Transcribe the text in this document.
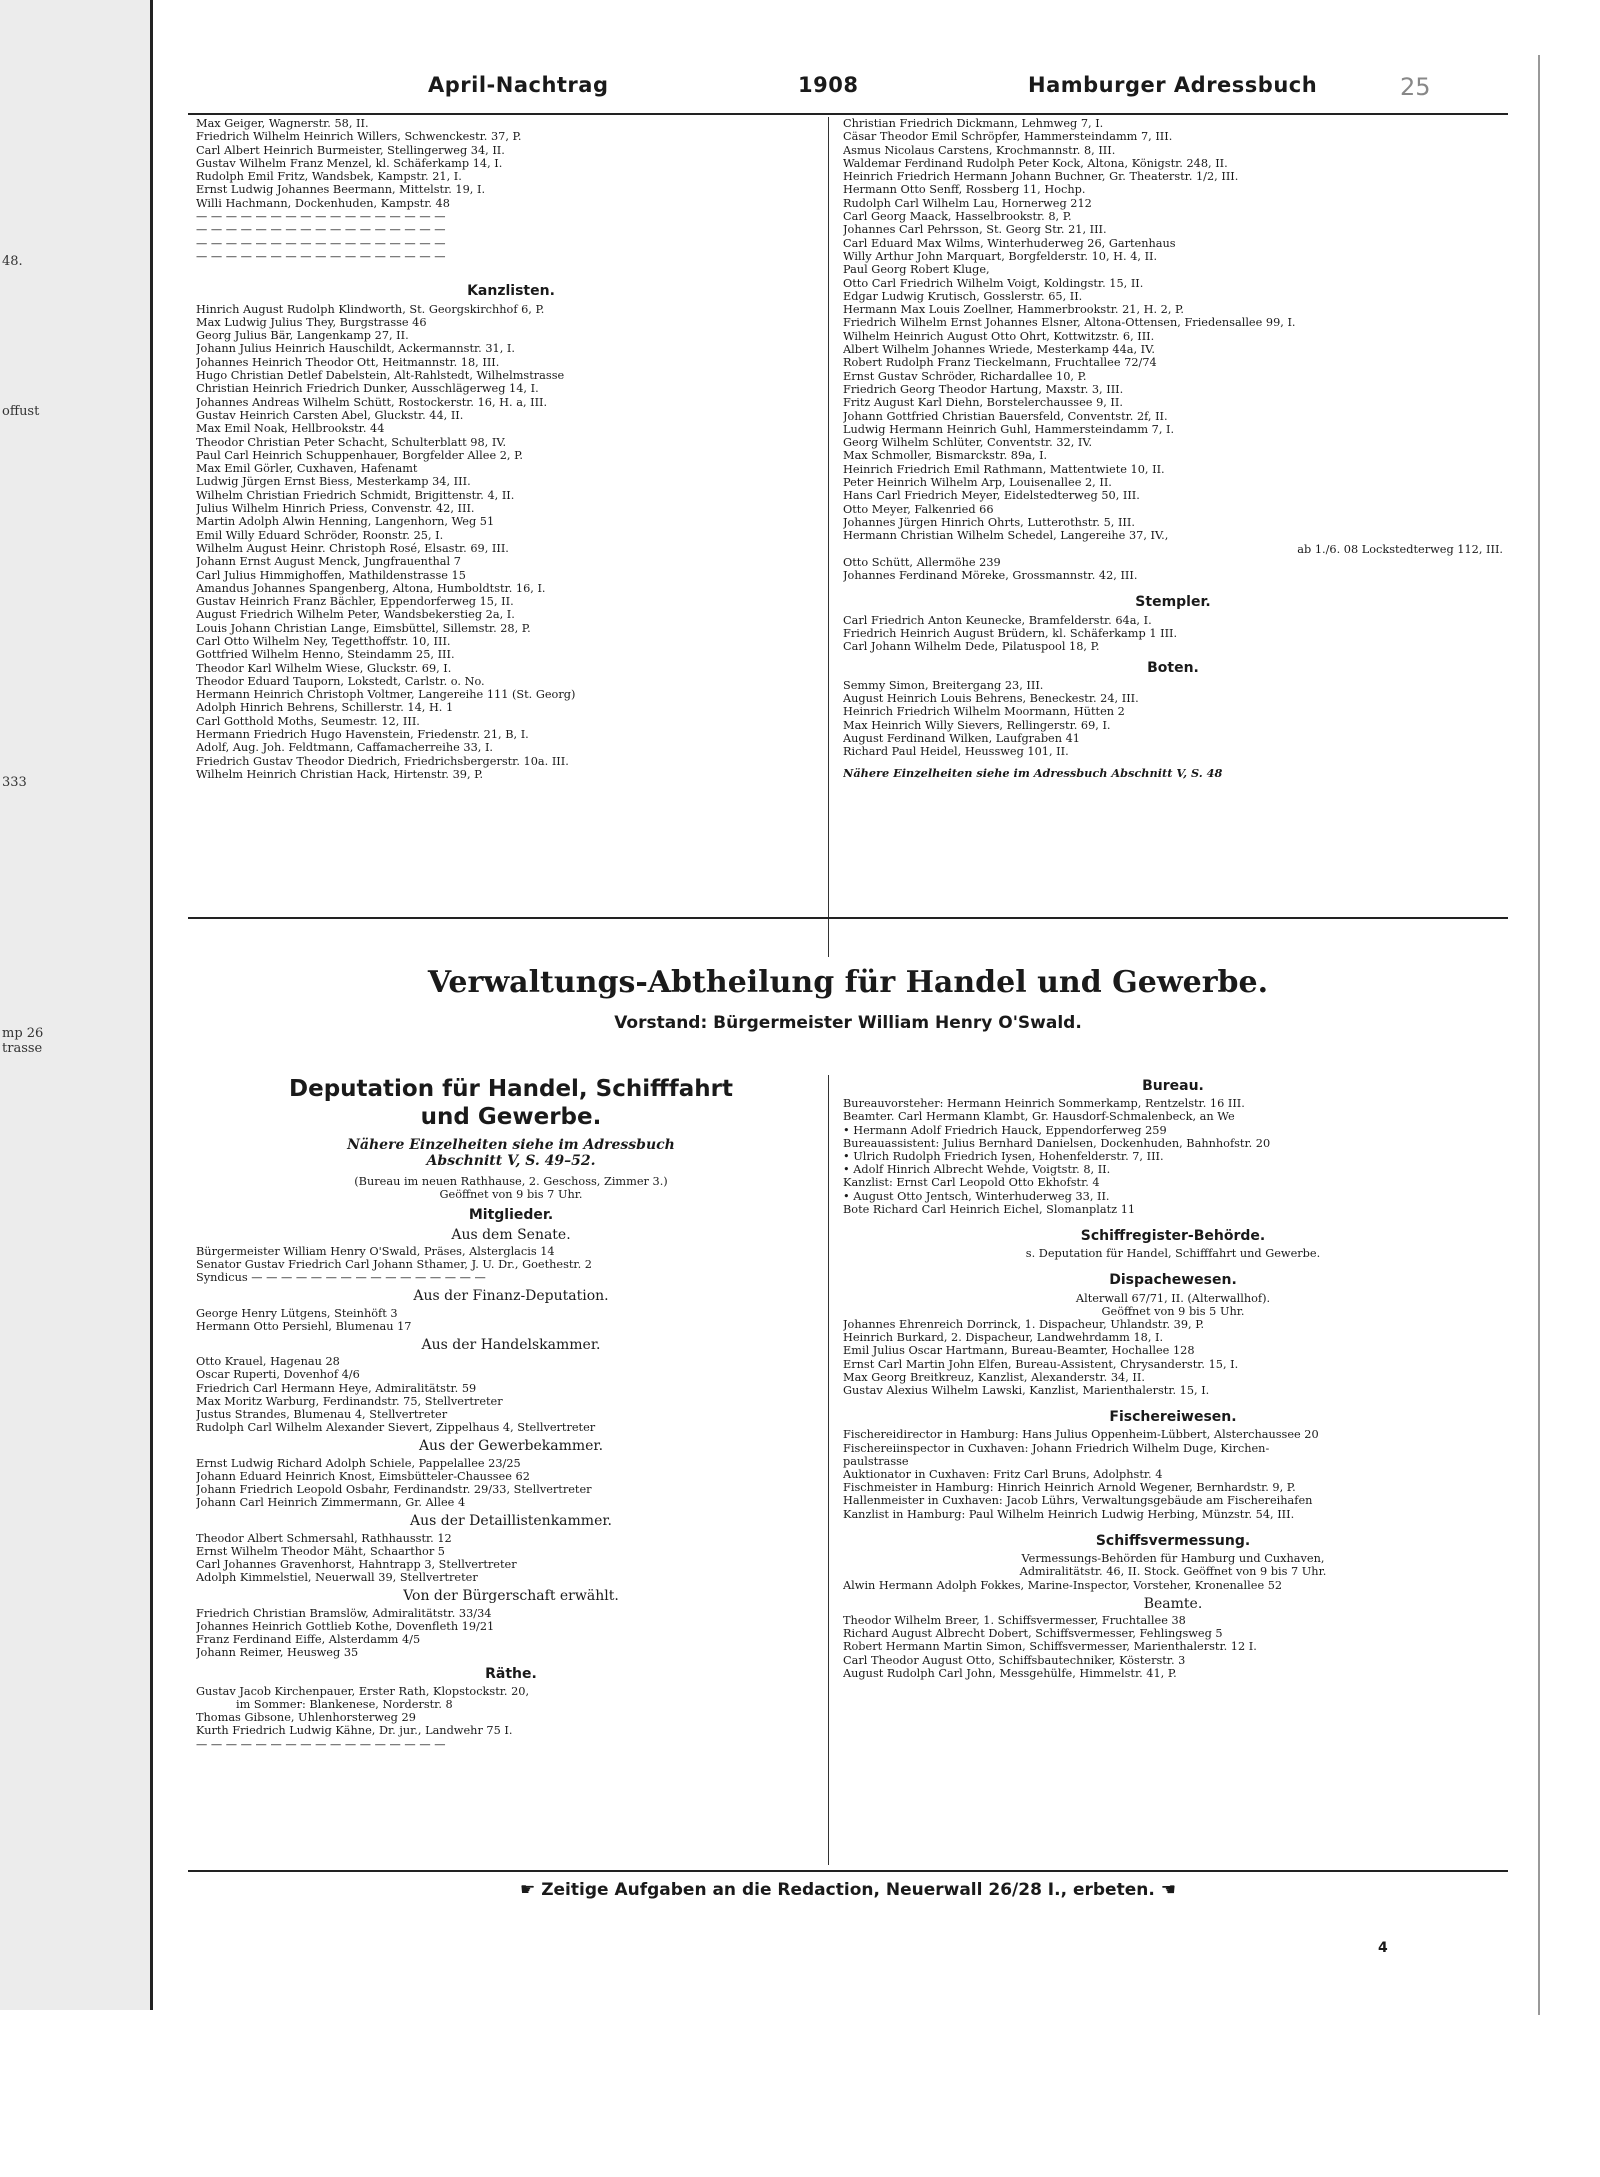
48.
offust
333
mp 26
trasse
April-Nachtrag	1908	Hamburger Adressbuch	25

Max Geiger, Wagnerstr. 58, II.

Friedrich Wilhelm Heinrich Willers, Schwenckestr. 37, P.

Carl Albert Heinrich Burmeister, Stellingerweg 34, II.

Gustav Wilhelm Franz Menzel, kl. Schäferkamp 14, I.

Rudolph Emil Fritz, Wandsbek, Kampstr. 21, I.

Ernst Ludwig Johannes Beermann, Mittelstr. 19, I.

Willi Hachmann, Dockenhuden, Kampstr. 48

— — — — — — — — — — — — — — — — —

— — — — — — — — — — — — — — — — —

— — — — — — — — — — — — — — — — —

— — — — — — — — — — — — — — — — —

Kanzlisten.

Hinrich August Rudolph Klindworth, St. Georgskirchhof 6, P.

Max Ludwig Julius They, Burgstrasse 46

Georg Julius Bär, Langenkamp 27, II.

Johann Julius Heinrich Hauschildt, Ackermannstr. 31, I.

Johannes Heinrich Theodor Ott, Heitmannstr. 18, III.

Hugo Christian Detlef Dabelstein, Alt-Rahlstedt, Wilhelmstrasse

Christian Heinrich Friedrich Dunker, Ausschlägerweg 14, I.

Johannes Andreas Wilhelm Schütt, Rostockerstr. 16, H. a, III.

Gustav Heinrich Carsten Abel, Gluckstr. 44, II.

Max Emil Noak, Hellbrookstr. 44

Theodor Christian Peter Schacht, Schulterblatt 98, IV.

Paul Carl Heinrich Schuppenhauer, Borgfelder Allee 2, P.

Max Emil Görler, Cuxhaven, Hafenamt

Ludwig Jürgen Ernst Biess, Mesterkamp 34, III.

Wilhelm Christian Friedrich Schmidt, Brigittenstr. 4, II.

Julius Wilhelm Hinrich Priess, Convenstr. 42, III.

Martin Adolph Alwin Henning, Langenhorn, Weg 51

Emil Willy Eduard Schröder, Roonstr. 25, I.

Wilhelm August Heinr. Christoph Rosé, Elsastr. 69, III.

Johann Ernst August Menck, Jungfrauenthal 7

Carl Julius Himmighoffen, Mathildenstrasse 15

Amandus Johannes Spangenberg, Altona, Humboldtstr. 16, I.

Gustav Heinrich Franz Bächler, Eppendorferweg 15, II.

August Friedrich Wilhelm Peter, Wandsbekerstieg 2a, I.

Louis Johann Christian Lange, Eimsbüttel, Sillemstr. 28, P.

Carl Otto Wilhelm Ney, Tegetthoffstr. 10, III.

Gottfried Wilhelm Henno, Steindamm 25, III.

Theodor Karl Wilhelm Wiese, Gluckstr. 69, I.

Theodor Eduard Tauporn, Lokstedt, Carlstr. o. No.

Hermann Heinrich Christoph Voltmer, Langereihe 111 (St. Georg)

Adolph Hinrich Behrens, Schillerstr. 14, H. 1

Carl Gotthold Moths, Seumestr. 12, III.

Hermann Friedrich Hugo Havenstein, Friedenstr. 21, B, I.

Adolf, Aug. Joh. Feldtmann, Caffamacherreihe 33, I.

Friedrich Gustav Theodor Diedrich, Friedrichsbergerstr. 10a. III.

Wilhelm Heinrich Christian Hack, Hirtenstr. 39, P.

Christian Friedrich Dickmann, Lehmweg 7, I.

Cäsar Theodor Emil Schröpfer, Hammersteindamm 7, III.

Asmus Nicolaus Carstens, Krochmannstr. 8, III.

Waldemar Ferdinand Rudolph Peter Kock, Altona, Königstr. 248, II.

Heinrich Friedrich Hermann Johann Buchner, Gr. Theaterstr. 1/2, III.

Hermann Otto Senff, Rossberg 11, Hochp.

Rudolph Carl Wilhelm Lau, Hornerweg 212

Carl Georg Maack, Hasselbrookstr. 8, P.

Johannes Carl Pehrsson, St. Georg Str. 21, III.

Carl Eduard Max Wilms, Winterhuderweg 26, Gartenhaus

Willy Arthur John Marquart, Borgfelderstr. 10, H. 4, II.

Paul Georg Robert Kluge,

Otto Carl Friedrich Wilhelm Voigt, Koldingstr. 15, II.

Edgar Ludwig Krutisch, Gosslerstr. 65, II.

Hermann Max Louis Zoellner, Hammerbrookstr. 21, H. 2, P.

Friedrich Wilhelm Ernst Johannes Elsner, Altona-Ottensen, Friedensallee 99, I.

Wilhelm Heinrich August Otto Ohrt, Kottwitzstr. 6, III.

Albert Wilhelm Johannes Wriede, Mesterkamp 44a, IV.

Robert Rudolph Franz Tieckelmann, Fruchtallee 72/74

Ernst Gustav Schröder, Richardallee 10, P.

Friedrich Georg Theodor Hartung, Maxstr. 3, III.

Fritz August Karl Diehn, Borstelerchaussee 9, II.

Johann Gottfried Christian Bauersfeld, Conventstr. 2f, II.

Ludwig Hermann Heinrich Guhl, Hammersteindamm 7, I.

Georg Wilhelm Schlüter, Conventstr. 32, IV.

Max Schmoller, Bismarckstr. 89a, I.

Heinrich Friedrich Emil Rathmann, Mattentwiete 10, II.

Peter Heinrich Wilhelm Arp, Louisenallee 2, II.

Hans Carl Friedrich Meyer, Eidelstedterweg 50, III.

Otto Meyer, Falkenried 66

Johannes Jürgen Hinrich Ohrts, Lutterothstr. 5, III.

Hermann Christian Wilhelm Schedel, Langereihe 37, IV.,

ab 1./6. 08 Lockstedterweg 112, III.

Otto Schütt, Allermöhe 239

Johannes Ferdinand Möreke, Grossmannstr. 42, III.

Stempler.

Carl Friedrich Anton Keunecke, Bramfelderstr. 64a, I.

Friedrich Heinrich August Brüdern, kl. Schäferkamp 1 III.

Carl Johann Wilhelm Dede, Pilatuspool 18, P.

Boten.

Semmy Simon, Breitergang 23, III.

August Heinrich Louis Behrens, Beneckestr. 24, III.

Heinrich Friedrich Wilhelm Moormann, Hütten 2

Max Heinrich Willy Sievers, Rellingerstr. 69, I.

August Ferdinand Wilken, Laufgraben 41

Richard Paul Heidel, Heussweg 101, II.

Nähere Einzelheiten siehe im Adressbuch Abschnitt V, S. 48

Verwaltungs-Abtheilung für Handel und Gewerbe.
Vorstand: Bürgermeister William Henry O'Swald.

Deputation für Handel, Schifffahrt

und Gewerbe.

Nähere Einzelheiten siehe im Adressbuch
Abschnitt V, S. 49–52.

(Bureau im neuen Rathhause, 2. Geschoss, Zimmer 3.)

Geöffnet von 9 bis 7 Uhr.

Mitglieder.
Aus dem Senate.

Bürgermeister William Henry O'Swald, Präses, Alsterglacis 14

Senator Gustav Friedrich Carl Johann Sthamer, J. U. Dr., Goethestr. 2

Syndicus — — — — — — — — — — — — — — — —

Aus der Finanz-Deputation.

George Henry Lütgens, Steinhöft 3

Hermann Otto Persiehl, Blumenau 17

Aus der Handelskammer.

Otto Krauel, Hagenau 28

Oscar Ruperti, Dovenhof 4/6

Friedrich Carl Hermann Heye, Admiralitätstr. 59

Max Moritz Warburg, Ferdinandstr. 75, Stellvertreter

Justus Strandes, Blumenau 4, Stellvertreter

Rudolph Carl Wilhelm Alexander Sievert, Zippelhaus 4, Stellvertreter

Aus der Gewerbekammer.

Ernst Ludwig Richard Adolph Schiele, Pappelallee 23/25

Johann Eduard Heinrich Knost, Eimsbütteler-Chaussee 62

Johann Friedrich Leopold Osbahr, Ferdinandstr. 29/33, Stellvertreter

Johann Carl Heinrich Zimmermann, Gr. Allee 4

Aus der Detaillistenkammer.

Theodor Albert Schmersahl, Rathhausstr. 12

Ernst Wilhelm Theodor Mäht, Schaarthor 5

Carl Johannes Gravenhorst, Hahntrapp 3, Stellvertreter

Adolph Kimmelstiel, Neuerwall 39, Stellvertreter

Von der Bürgerschaft erwählt.

Friedrich Christian Bramslöw, Admiralitätstr. 33/34

Johannes Heinrich Gottlieb Kothe, Dovenfleth 19/21

Franz Ferdinand Eiffe, Alsterdamm 4/5

Johann Reimer, Heusweg 35

Räthe.

Gustav Jacob Kirchenpauer, Erster Rath, Klopstockstr. 20,

im Sommer: Blankenese, Norderstr. 8

Thomas Gibsone, Uhlenhorsterweg 29

Kurth Friedrich Ludwig Kähne, Dr. jur., Landwehr 75 I.

— — — — — — — — — — — — — — — — —

Bureau.

Bureauvorsteher: Hermann Heinrich Sommerkamp, Rentzelstr. 16 III.

Beamter. Carl Hermann Klambt, Gr. Hausdorf-Schmalenbeck, an We

• Hermann Adolf Friedrich Hauck, Eppendorferweg 259

Bureauassistent: Julius Bernhard Danielsen, Dockenhuden, Bahnhofstr. 20

• Ulrich Rudolph Friedrich Iysen, Hohenfelderstr. 7, III.

• Adolf Hinrich Albrecht Wehde, Voigtstr. 8, II.

Kanzlist: Ernst Carl Leopold Otto Ekhofstr. 4

• August Otto Jentsch, Winterhuderweg 33, II.

Bote Richard Carl Heinrich Eichel, Slomanplatz 11

Schiffregister-Behörde.

s. Deputation für Handel, Schifffahrt und Gewerbe.

Dispachewesen.

Alterwall 67/71, II. (Alterwallhof).

Geöffnet von 9 bis 5 Uhr.

Johannes Ehrenreich Dorrinck, 1. Dispacheur, Uhlandstr. 39, P.

Heinrich Burkard, 2. Dispacheur, Landwehrdamm 18, I.

Emil Julius Oscar Hartmann, Bureau-Beamter, Hochallee 128

Ernst Carl Martin John Elfen, Bureau-Assistent, Chrysanderstr. 15, I.

Max Georg Breitkreuz, Kanzlist, Alexanderstr. 34, II.

Gustav Alexius Wilhelm Lawski, Kanzlist, Marienthalerstr. 15, I.

Fischereiwesen.

Fischereidirector in Hamburg: Hans Julius Oppenheim-Lübbert, Alsterchaussee 20

Fischereiinspector in Cuxhaven: Johann Friedrich Wilhelm Duge, Kirchen-

paulstrasse

Auktionator in Cuxhaven: Fritz Carl Bruns, Adolphstr. 4

Fischmeister in Hamburg: Hinrich Heinrich Arnold Wegener, Bernhardstr. 9, P.

Hallenmeister in Cuxhaven: Jacob Lührs, Verwaltungsgebäude am Fischereihafen

Kanzlist in Hamburg: Paul Wilhelm Heinrich Ludwig Herbing, Münzstr. 54, III.

Schiffsvermessung.

Vermessungs-Behörden für Hamburg und Cuxhaven,

Admiralitätstr. 46, II. Stock. Geöffnet von 9 bis 7 Uhr.

Alwin Hermann Adolph Fokkes, Marine-Inspector, Vorsteher, Kronenallee 52

Beamte.

Theodor Wilhelm Breer, 1. Schiffsvermesser, Fruchtallee 38

Richard August Albrecht Dobert, Schiffsvermesser, Fehlingsweg 5

Robert Hermann Martin Simon, Schiffsvermesser, Marienthalerstr. 12 I.

Carl Theodor August Otto, Schiffsbautechniker, Kösterstr. 3

August Rudolph Carl John, Messgehülfe, Himmelstr. 41, P.

☛ Zeitige Aufgaben an die Redaction, Neuerwall 26/28 I., erbeten. ☚
4
